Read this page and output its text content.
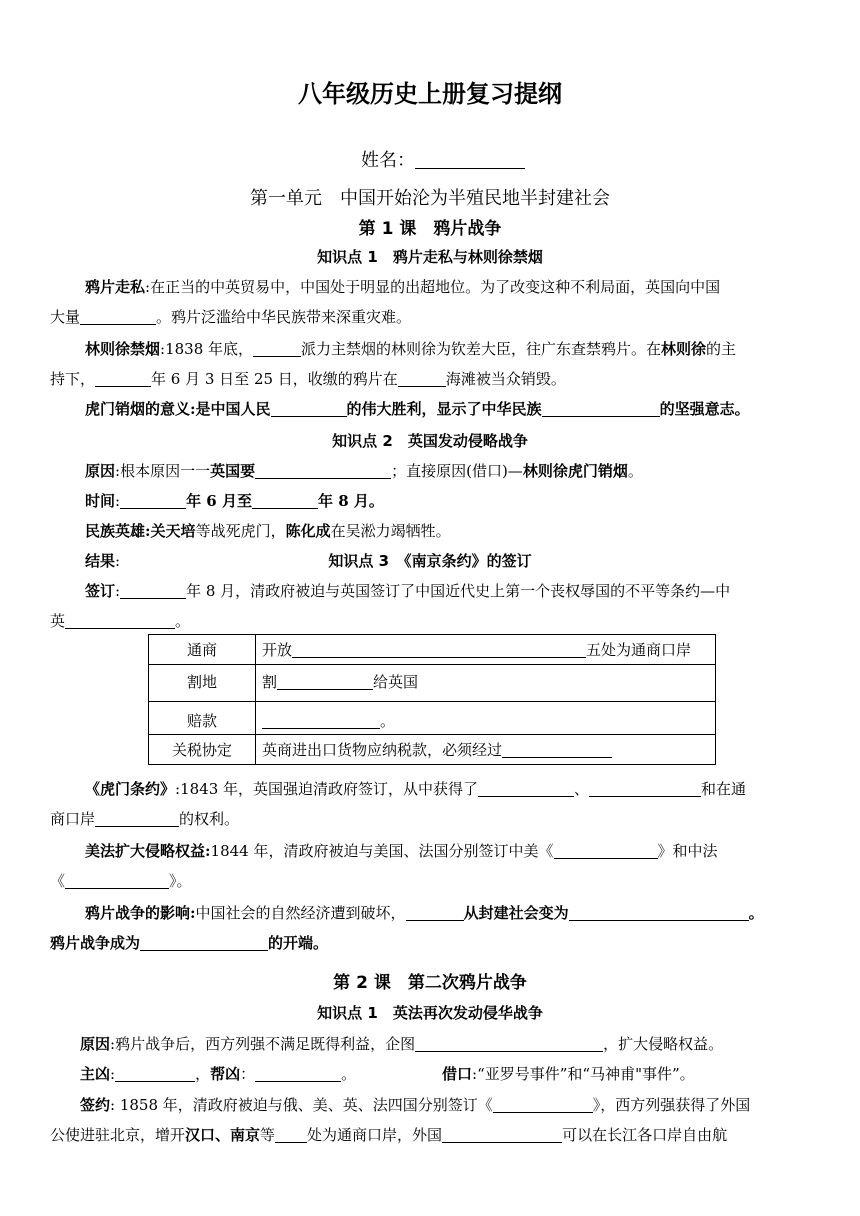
八年级历史上册复习提纲
姓名：
第一单元　中国开始沦为半殖民地半封建社会
第 1 课　鸦片战争
知识点 1　鸦片走私与林则徐禁烟
鸦片走私:在正当的中英贸易中，中国处于明显的出超地位。为了改变这种不利局面，英国向中国
大量	。鸦片泛滥给中华民族带来深重灾难。
林则徐禁烟:1838 年底，	派力主禁烟的林则徐为钦差大臣，往广东查禁鸦片。在林则徐的主
持下，	年 6 月 3 日至 25 日，收缴的鸦片在	海滩被当众销毁。
虎门销烟的意义:是中国人民	的伟大胜利，显示了中华民族	的坚强意志。
知识点 2　英国发动侵略战争
原因:根本原因一一英国要	；直接原因(借口)—林则徐虎门销烟。
时间:	年 6 月至	年 8 月。
民族英雄:关天培等战死虎门，陈化成在吴淞力竭牺牲。
结果:	知识点 3　《南京条约》的签订
签订:	年 8 月，清政府被迫与英国签订了中国近代史上第一个丧权辱国的不平等条约—中
英	。
通商	开放 五处为通商口岸
割地	割 给英国
赔款	。
关税协定	英商进出口货物应纳税款，必须经过
《虎门条约》:1843 年，英国强迫清政府签订，从中获得了	、	和在通
商口岸	的权利。
美法扩大侵略权益:1844 年，清政府被迫与美国、法国分别签订中美《	》和中法
《	》。
鸦片战争的影响:中国社会的自然经济遭到破坏，	从封建社会变为	。
鸦片战争成为	的开端。
第 2 课　第二次鸦片战争
知识点 1　英法再次发动侵华战争
原因:鸦片战争后，西方列强不满足既得利益，企图	，扩大侵略权益。
主凶:	，帮凶：	。	借口:“亚罗号事件”和“马神甫"事件”。
签约: 1858 年，清政府被迫与俄、美、英、法四国分别签订《	》，西方列强获得了外国
公使进驻北京，增开汉口、南京等 处为通商口岸，外国	可以在长江各口岸自由航
